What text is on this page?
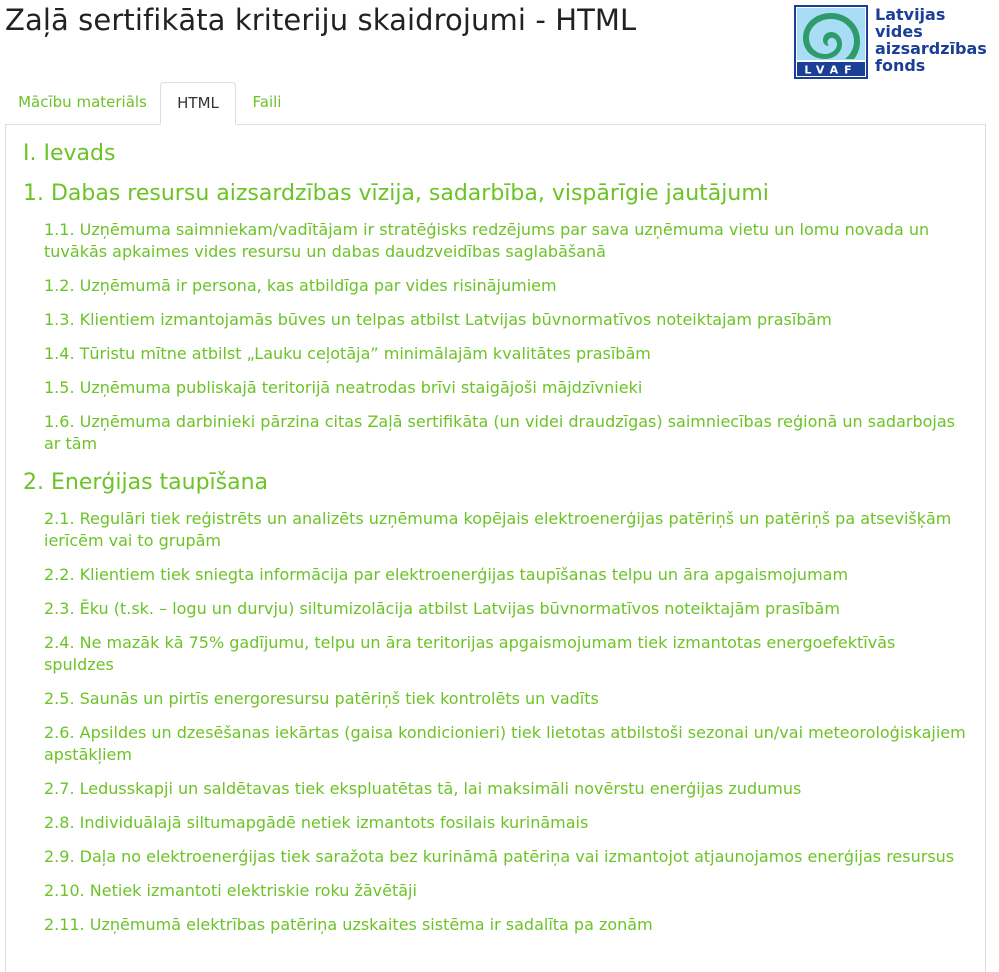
Zaļā sertifikāta kriteriju skaidrojumi - HTML
LVAF
Latvijas
vides
aizsardzības
fonds
Mācību materiāls	HTML	Faili
I. Ievads
1. Dabas resursu aizsardzības vīzija, sadarbība, vispārīgie jautājumi

1.1. Uzņēmuma saimniekam/vadītājam ir stratēģisks redzējums par sava uzņēmuma vietu un lomu novada un tuvākās apkaimes vides resursu un dabas daudzveidības saglabāšanā

1.2. Uzņēmumā ir persona, kas atbildīga par vides risinājumiem

1.3. Klientiem izmantojamās būves un telpas atbilst Latvijas būvnormatīvos noteiktajam prasībām

1.4. Tūristu mītne atbilst „Lauku ceļotāja” minimālajām kvalitātes prasībām

1.5. Uzņēmuma publiskajā teritorijā neatrodas brīvi staigājoši mājdzīvnieki

1.6. Uzņēmuma darbinieki pārzina citas Zaļā sertifikāta (un videi draudzīgas) saimniecības reģionā un sadarbojas ar tām

2. Enerģijas taupīšana

2.1. Regulāri tiek reģistrēts un analizēts uzņēmuma kopējais elektroenerģijas patēriņš un patēriņš pa atsevišķām ierīcēm vai to grupām

2.2. Klientiem tiek sniegta informācija par elektroenerģijas taupīšanas telpu un āra apgaismojumam

2.3. Ēku (t.sk. – logu un durvju) siltumizolācija atbilst Latvijas būvnormatīvos noteiktajām prasībām

2.4. Ne mazāk kā 75% gadījumu, telpu un āra teritorijas apgaismojumam tiek izmantotas energoefektīvās spuldzes

2.5. Saunās un pirtīs energoresursu patēriņš tiek kontrolēts un vadīts

2.6. Apsildes un dzesēšanas iekārtas (gaisa kondicionieri) tiek lietotas atbilstoši sezonai un/vai meteoroloģiskajiem apstākļiem

2.7. Ledusskapji un saldētavas tiek ekspluatētas tā, lai maksimāli novērstu enerģijas zudumus

2.8. Individuālajā siltumapgādē netiek izmantots fosilais kurināmais

2.9. Daļa no elektroenerģijas tiek saražota bez kurināmā patēriņa vai izmantojot atjaunojamos enerģijas resursus

2.10. Netiek izmantoti elektriskie roku žāvētāji

2.11. Uzņēmumā elektrības patēriņa uzskaites sistēma ir sadalīta pa zonām
